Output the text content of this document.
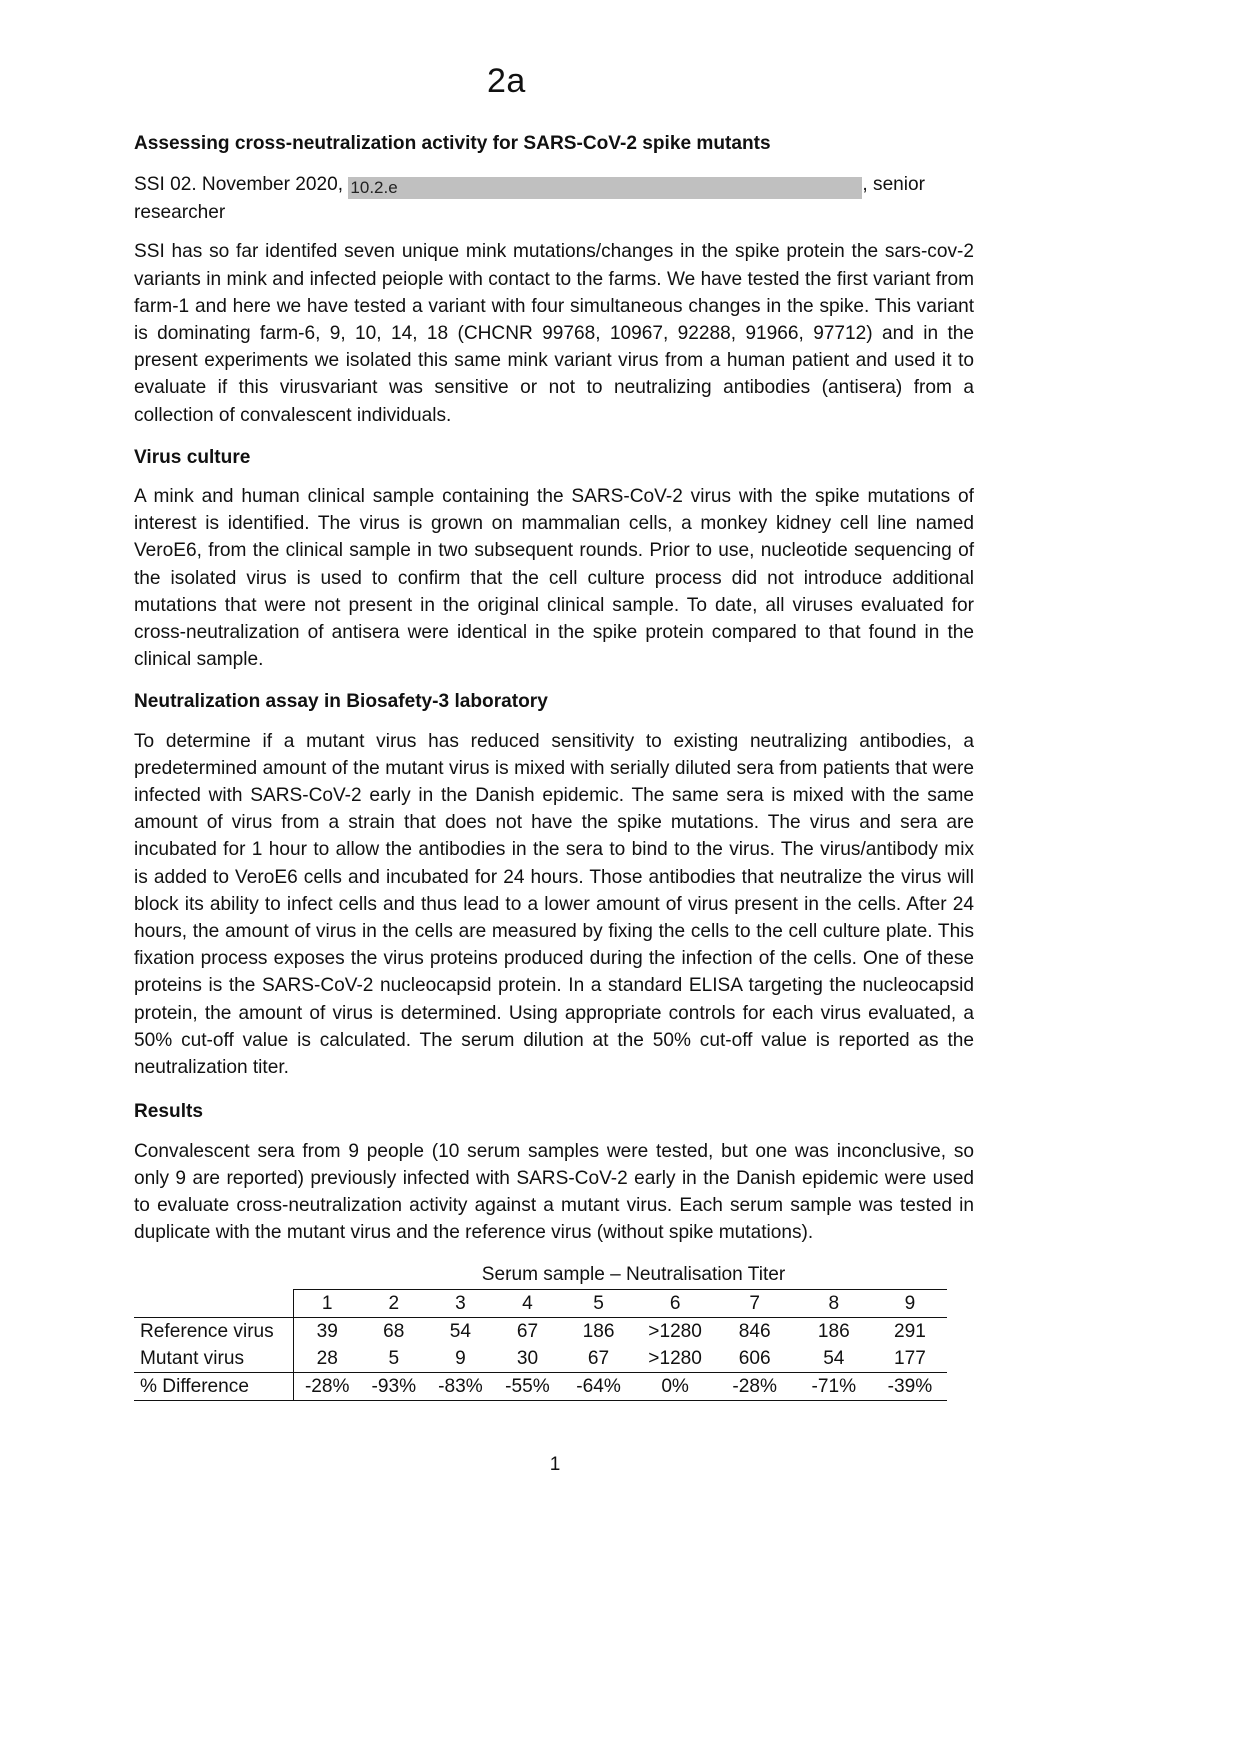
2a

Assessing cross-neutralization activity for SARS-CoV-2 spike mutants

SSI 02. November 2020, 10.2.e	, senior
researcher

SSI has so far identifed seven unique mink mutations/changes in the spike protein the sars-cov-2 variants in mink and infected peiople with contact to the farms. We have tested the first variant from farm-1 and here we have tested a variant with four simultaneous changes in the spike. This variant is dominating farm-6, 9, 10, 14, 18 (CHCNR 99768, 10967, 92288, 91966, 97712) and in the present experiments we isolated this same mink variant virus from a human patient and used it to evaluate if this virusvariant was sensitive or not to neutralizing antibodies (antisera) from a collection of convalescent individuals.

Virus culture

A mink and human clinical sample containing the SARS-CoV-2 virus with the spike mutations of interest is identified. The virus is grown on mammalian cells, a monkey kidney cell line named VeroE6, from the clinical sample in two subsequent rounds. Prior to use, nucleotide sequencing of the isolated virus is used to confirm that the cell culture process did not introduce additional mutations that were not present in the original clinical sample. To date, all viruses evaluated for cross-neutralization of antisera were identical in the spike protein compared to that found in the clinical sample.

Neutralization assay in Biosafety-3 laboratory

To determine if a mutant virus has reduced sensitivity to existing neutralizing antibodies, a predetermined amount of the mutant virus is mixed with serially diluted sera from patients that were infected with SARS-CoV-2 early in the Danish epidemic. The same sera is mixed with the same amount of virus from a strain that does not have the spike mutations. The virus and sera are incubated for 1 hour to allow the antibodies in the sera to bind to the virus. The virus/antibody mix is added to VeroE6 cells and incubated for 24 hours. Those antibodies that neutralize the virus will block its ability to infect cells and thus lead to a lower amount of virus present in the cells. After 24 hours, the amount of virus in the cells are measured by fixing the cells to the cell culture plate. This fixation process exposes the virus proteins produced during the infection of the cells. One of these proteins is the SARS-CoV-2 nucleocapsid protein. In a standard ELISA targeting the nucleocapsid protein, the amount of virus is determined. Using appropriate controls for each virus evaluated, a 50% cut-off value is calculated. The serum dilution at the 50% cut-off value is reported as the neutralization titer.

Results

Convalescent sera from 9 people (10 serum samples were tested, but one was inconclusive, so only 9 are reported) previously infected with SARS-CoV-2 early in the Danish epidemic were used to evaluate cross-neutralization activity against a mutant virus. Each serum sample was tested in duplicate with the mutant virus and the reference virus (without spike mutations).

Serum sample – Neutralisation Titer
	1	2	3	4	5	6	7	8	9
Reference virus	39	68	54	67	186	>1280	846	186	291
Mutant virus	28	5	9	30	67	>1280	606	54	177
% Difference	-28%	-93%	-83%	-55%	-64%	0%	-28%	-71%	-39%
1
